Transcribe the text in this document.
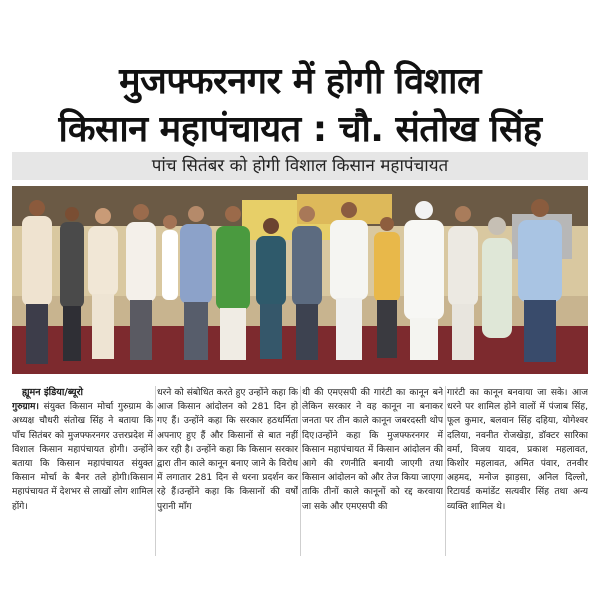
मुजफ्फरनगर में होगी विशाल
किसान महापंचायत : चौ. संतोख सिंह
पांच सितंबर को होगी विशाल किसान महापंचायत
ह्यूमन इंडिया/ब्यूरो

गुरुग्राम। संयुक्त किसान मोर्चा गुरुग्राम के अध्यक्ष चौधरी संतोख सिंह ने बताया कि पाँच सितंबर को मुजफ्फरनगर उत्तरप्रदेश में विशाल किसान महापंचायत होगी। उन्होंने बताया कि किसान महापंचायत संयुक्त किसान मोर्चा के बैनर तले होगी।किसान महापंचायत में देशभर से लाखों लोग शामिल होंगे।

धरने को संबोधित करते हुए उन्होंने कहा कि आज किसान आंदोलन को 281 दिन हो गए हैं। उन्होंने कहा कि सरकार हठधर्मिता अपनाए हुए हैं और किसानों से बात नहीं कर रही है। उन्होंने कहा कि किसान सरकार द्वारा तीन काले कानून बनाए जाने के विरोध में लगातार 281 दिन से धरना प्रदर्शन कर रहे हैं।उन्होंने कहा कि किसानों की वर्षों पुरानी माँग

थी की एमएसपी की गारंटी का कानून बने लेकिन सरकार ने वह कानून ना बनाकर जनता पर तीन काले कानून जबरदस्ती थोप दिए।उन्होंने कहा कि मुजफ्फरनगर में किसान महापंचायत में किसान आंदोलन की आगे की रणनीति बनायी जाएगी तथा किसान आंदोलन को और तेज किया जाएगा ताकि तीनों काले कानूनों को रद्द करवाया जा सके और एमएसपी की

गारंटी का कानून बनवाया जा सके। आज धरने पर शामिल होने वालों में पंजाब सिंह, फूल कुमार, बलवान सिंह दहिया, योगेश्वर दलिया, नवनीत रोजखेड़ा, डॉक्टर सारिका वर्मा, विजय यादव, प्रकाश महलावत, किशोर महलावत, अमित पंवार, तनवीर अहमद, मनोज झाड़सा, अनिल दिल्लो, रिटायर्ड कमांडेंट सत्यवीर सिंह तथा अन्य व्यक्ति शामिल थे।
